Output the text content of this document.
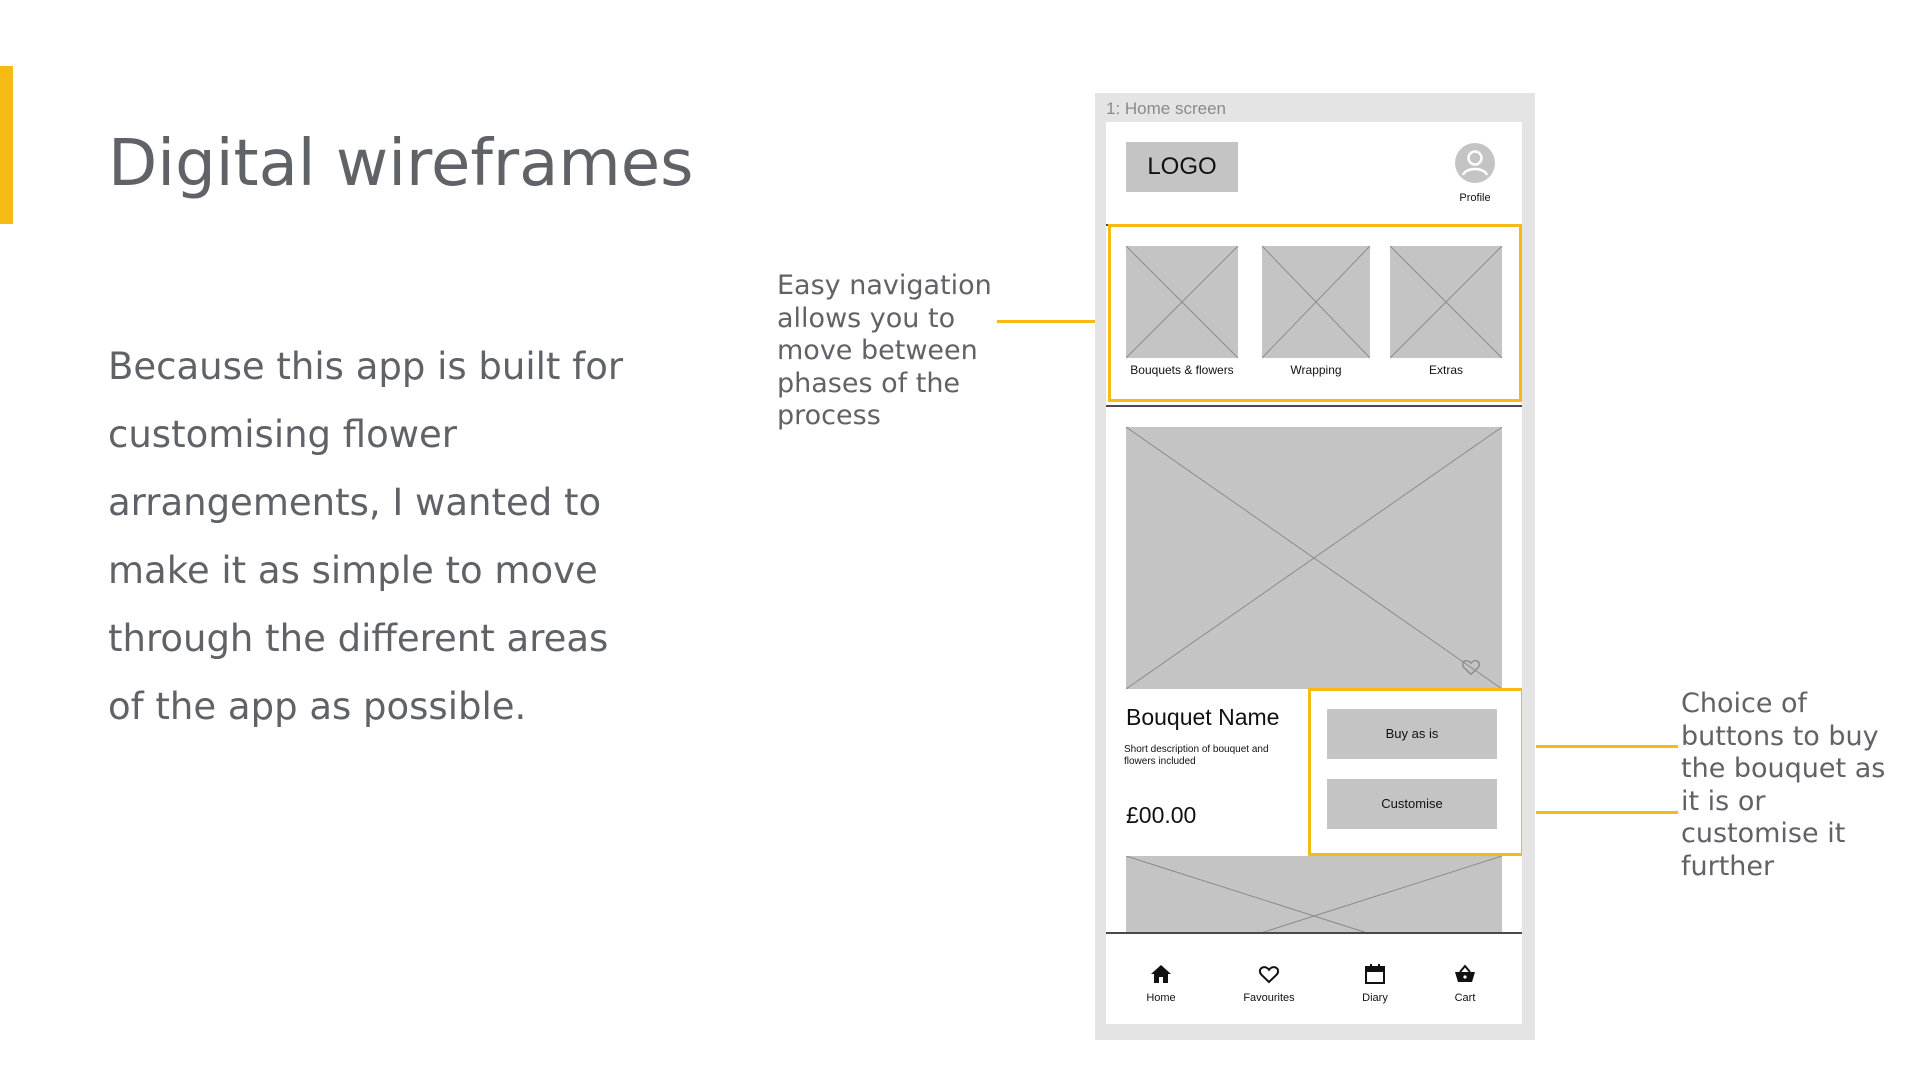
Digital wireframes

Because this app is built for customising flower arrangements, I wanted to make it as simple to move through the different areas of the app as possible.

Easy navigation allows you to move between phases of the process

Choice of buttons to buy the bouquet as it is or customise it further

1: Home screen
LOGO
Profile
Bouquets & flowers	Wrapping	Extras
Bouquet Name
Short description of bouquet and flowers included
£00.00
Buy as is
Customise
Home	Favourites	Diary	Cart
